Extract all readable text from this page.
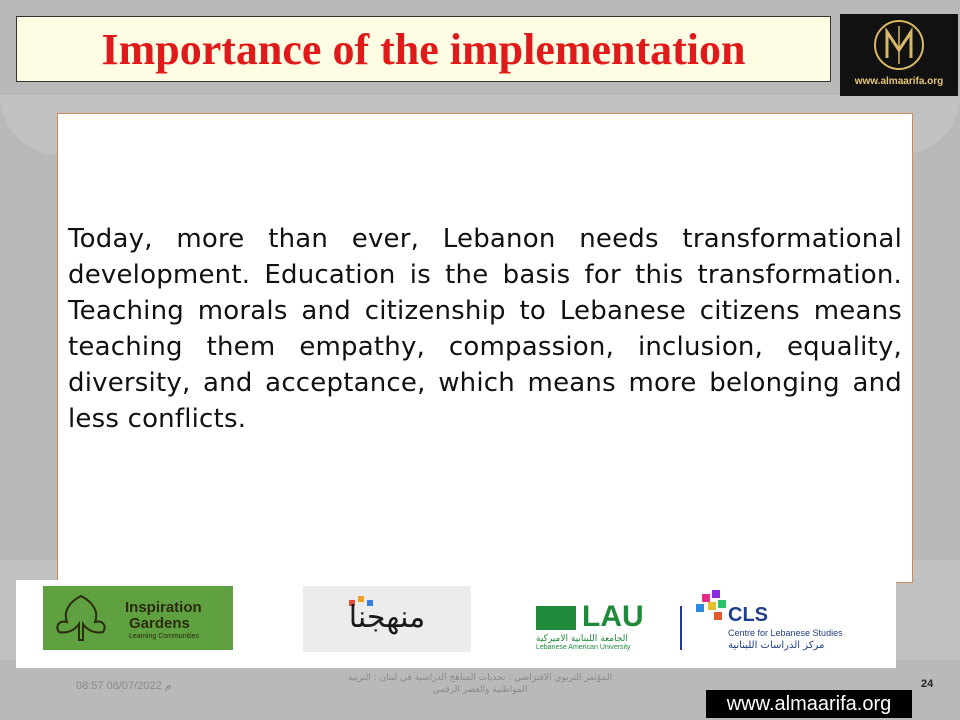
Importance of the implementation
www.almaarifa.org
Today, more than ever, Lebanon needs transformational development. Education is the basis for this transformation. Teaching morals and citizenship to Lebanese citizens means teaching them empathy, compassion, inclusion, equality, diversity, and acceptance, which means more belonging and less conflicts.
Inspiration
Gardens
Learning Communities
منهجنا	LAU
الجامعة اللبنانية الأميركية
Lebanese American University
CLS
Centre for Lebanese Studies
مركز الدراسات اللبنانية
08:57 08/07/2022 م
المؤتمر التربوي الافتراضي : تحديات المناهج الدراسية في لبنان : التربية المواطنية والعصر الرقمي	24
www.almaarifa.org
